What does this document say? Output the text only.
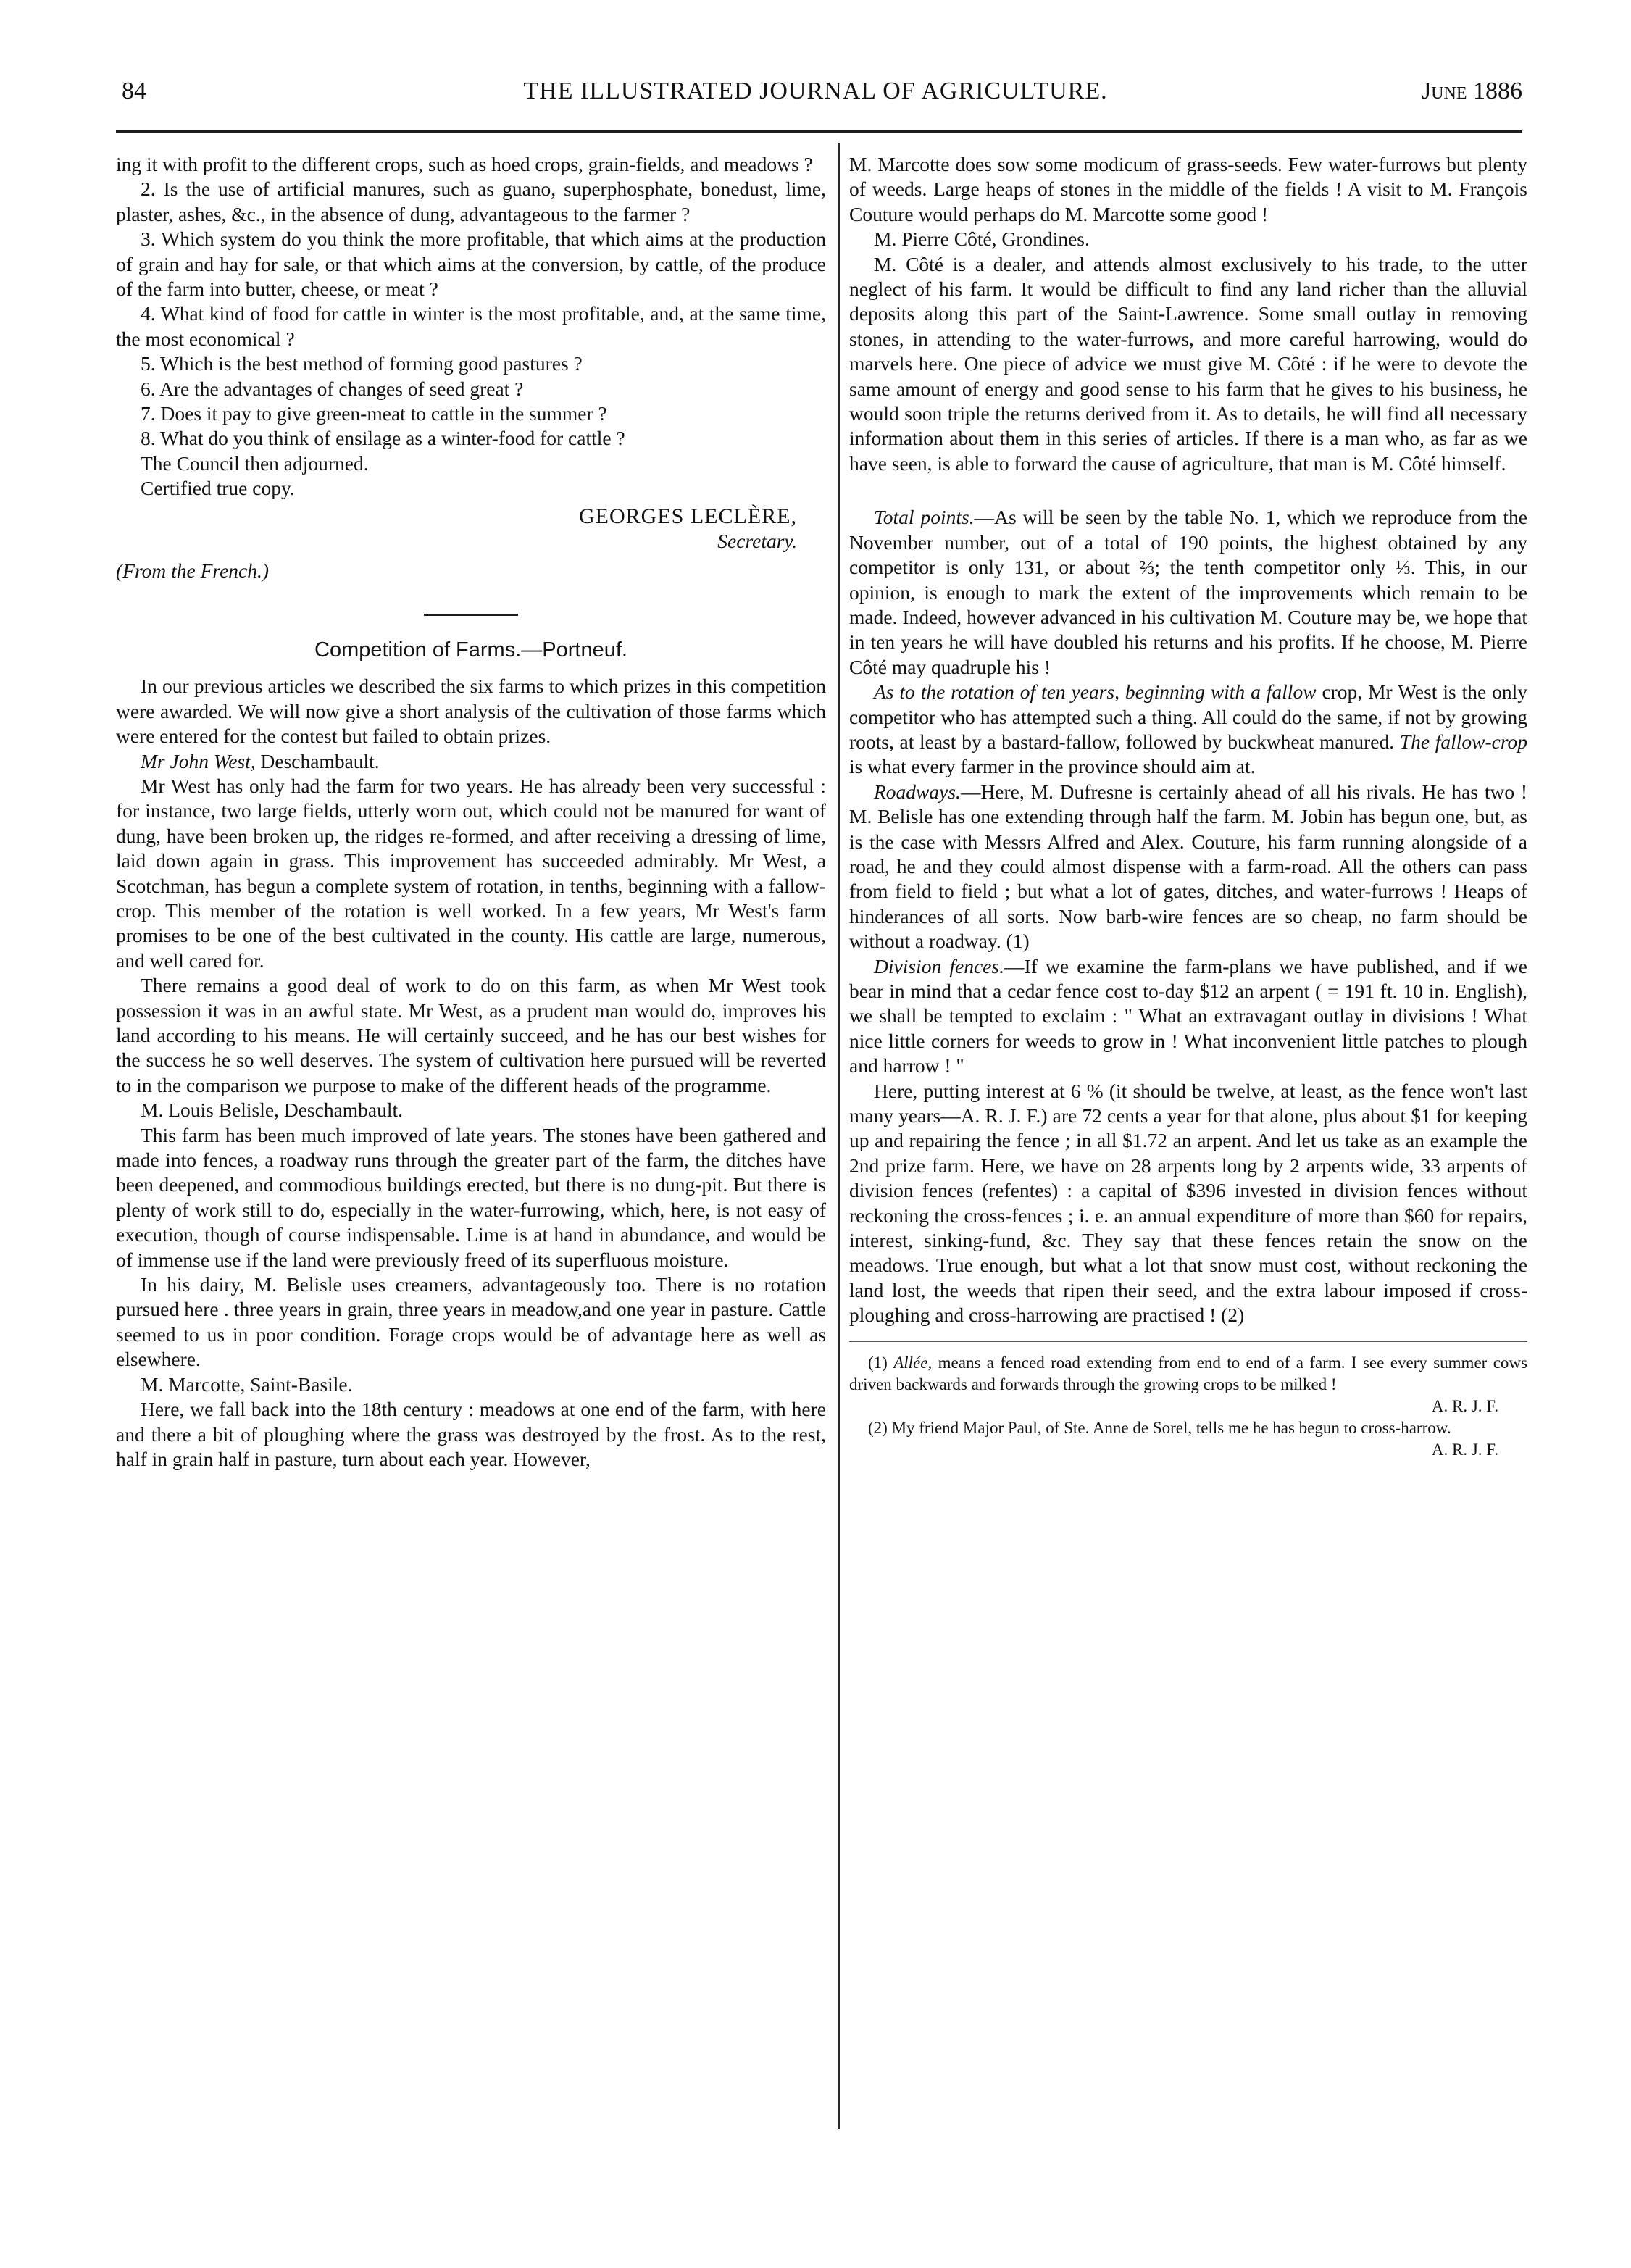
84	THE ILLUSTRATED JOURNAL OF AGRICULTURE.	June 1886

ing it with profit to the different crops, such as hoed crops, grain-fields, and meadows ?

2. Is the use of artificial manures, such as guano, superphosphate, bonedust, lime, plaster, ashes, &c., in the absence of dung, advantageous to the farmer ?

3. Which system do you think the more profitable, that which aims at the production of grain and hay for sale, or that which aims at the conversion, by cattle, of the produce of the farm into butter, cheese, or meat ?

4. What kind of food for cattle in winter is the most profitable, and, at the same time, the most economical ?

5. Which is the best method of forming good pastures ?

6. Are the advantages of changes of seed great ?

7. Does it pay to give green-meat to cattle in the summer ?

8. What do you think of ensilage as a winter-food for cattle ?

The Council then adjourned.

Certified true copy.

GEORGES LECLÈRE,
Secretary.
(From the French.)
Competition of Farms.—Portneuf.

In our previous articles we described the six farms to which prizes in this competition were awarded. We will now give a short analysis of the cultivation of those farms which were entered for the contest but failed to obtain prizes.

Mr John West, Deschambault.

Mr West has only had the farm for two years. He has already been very successful : for instance, two large fields, utterly worn out, which could not be manured for want of dung, have been broken up, the ridges re-formed, and after receiving a dressing of lime, laid down again in grass. This improvement has succeeded admirably. Mr West, a Scotchman, has begun a complete system of rotation, in tenths, beginning with a fallow-crop. This member of the rotation is well worked. In a few years, Mr West's farm promises to be one of the best cultivated in the county. His cattle are large, numerous, and well cared for.

There remains a good deal of work to do on this farm, as when Mr West took possession it was in an awful state. Mr West, as a prudent man would do, improves his land according to his means. He will certainly succeed, and he has our best wishes for the success he so well deserves. The system of cultivation here pursued will be reverted to in the comparison we purpose to make of the different heads of the programme.

M. Louis Belisle, Deschambault.

This farm has been much improved of late years. The stones have been gathered and made into fences, a roadway runs through the greater part of the farm, the ditches have been deepened, and commodious buildings erected, but there is no dung-pit. But there is plenty of work still to do, especially in the water-furrowing, which, here, is not easy of execution, though of course indispensable. Lime is at hand in abundance, and would be of immense use if the land were previously freed of its superfluous moisture.

In his dairy, M. Belisle uses creamers, advantageously too. There is no rotation pursued here . three years in grain, three years in meadow,and one year in pasture. Cattle seemed to us in poor condition. Forage crops would be of advantage here as well as elsewhere.

M. Marcotte, Saint-Basile.

Here, we fall back into the 18th century : meadows at one end of the farm, with here and there a bit of ploughing where the grass was destroyed by the frost. As to the rest, half in grain half in pasture, turn about each year. However,

M. Marcotte does sow some modicum of grass-seeds. Few water-furrows but plenty of weeds. Large heaps of stones in the middle of the fields ! A visit to M. François Couture would perhaps do M. Marcotte some good !

M. Pierre Côté, Grondines.

M. Côté is a dealer, and attends almost exclusively to his trade, to the utter neglect of his farm. It would be difficult to find any land richer than the alluvial deposits along this part of the Saint-Lawrence. Some small outlay in removing stones, in attending to the water-furrows, and more careful harrowing, would do marvels here. One piece of advice we must give M. Côté : if he were to devote the same amount of energy and good sense to his farm that he gives to his business, he would soon triple the returns derived from it. As to details, he will find all necessary information about them in this series of articles. If there is a man who, as far as we have seen, is able to forward the cause of agriculture, that man is M. Côté himself.

Total points.—As will be seen by the table No. 1, which we reproduce from the November number, out of a total of 190 points, the highest obtained by any competitor is only 131, or about ⅔; the tenth competitor only ⅓. This, in our opinion, is enough to mark the extent of the improvements which remain to be made. Indeed, however advanced in his cultivation M. Couture may be, we hope that in ten years he will have doubled his returns and his profits. If he choose, M. Pierre Côté may quadruple his !

As to the rotation of ten years, beginning with a fallow crop, Mr West is the only competitor who has attempted such a thing. All could do the same, if not by growing roots, at least by a bastard-fallow, followed by buckwheat manured. The fallow-crop is what every farmer in the province should aim at.

Roadways.—Here, M. Dufresne is certainly ahead of all his rivals. He has two ! M. Belisle has one extending through half the farm. M. Jobin has begun one, but, as is the case with Messrs Alfred and Alex. Couture, his farm running alongside of a road, he and they could almost dispense with a farm-road. All the others can pass from field to field ; but what a lot of gates, ditches, and water-furrows ! Heaps of hinderances of all sorts. Now barb-wire fences are so cheap, no farm should be without a roadway. (1)

Division fences.—If we examine the farm-plans we have published, and if we bear in mind that a cedar fence cost to-day $12 an arpent ( = 191 ft. 10 in. English), we shall be tempted to exclaim : " What an extravagant outlay in divisions ! What nice little corners for weeds to grow in ! What inconvenient little patches to plough and harrow ! "

Here, putting interest at 6 % (it should be twelve, at least, as the fence won't last many years—A. R. J. F.) are 72 cents a year for that alone, plus about $1 for keeping up and repairing the fence ; in all $1.72 an arpent. And let us take as an example the 2nd prize farm. Here, we have on 28 arpents long by 2 arpents wide, 33 arpents of division fences (refentes) : a capital of $396 invested in division fences without reckoning the cross-fences ; i. e. an annual expenditure of more than $60 for repairs, interest, sinking-fund, &c. They say that these fences retain the snow on the meadows. True enough, but what a lot that snow must cost, without reckoning the land lost, the weeds that ripen their seed, and the extra labour imposed if cross-ploughing and cross-harrowing are practised ! (2)

(1) Allée, means a fenced road extending from end to end of a farm. I see every summer cows driven backwards and forwards through the growing crops to be milked !
A. R. J. F.

(2) My friend Major Paul, of Ste. Anne de Sorel, tells me he has begun to cross-harrow.
A. R. J. F.
